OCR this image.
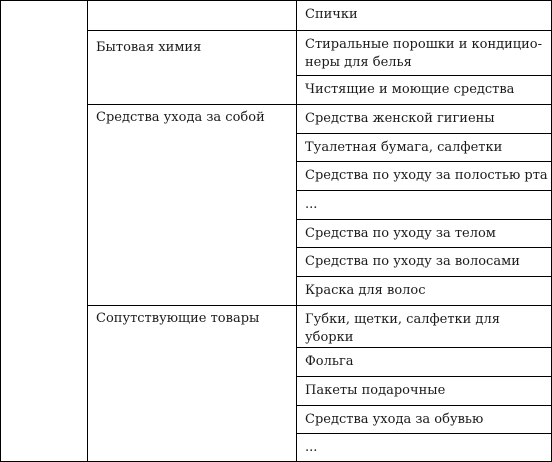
		Спички
	Бытовая химия	Стиральные порошки и кондицио-
неры для белья

		Чистящие и моющие средства
	Средства ухода за собой	Средства женской гигиены
		Туалетная бумага, салфетки
		Средства по уходу за полостью рта
		...
		Средства по уходу за телом
		Средства по уходу за волосами
		Краска для волос
	Сопутствующие товары	Губки, щетки, салфетки для уборки
		Фольга
		Пакеты подарочные
		Средства ухода за обувью
		...
